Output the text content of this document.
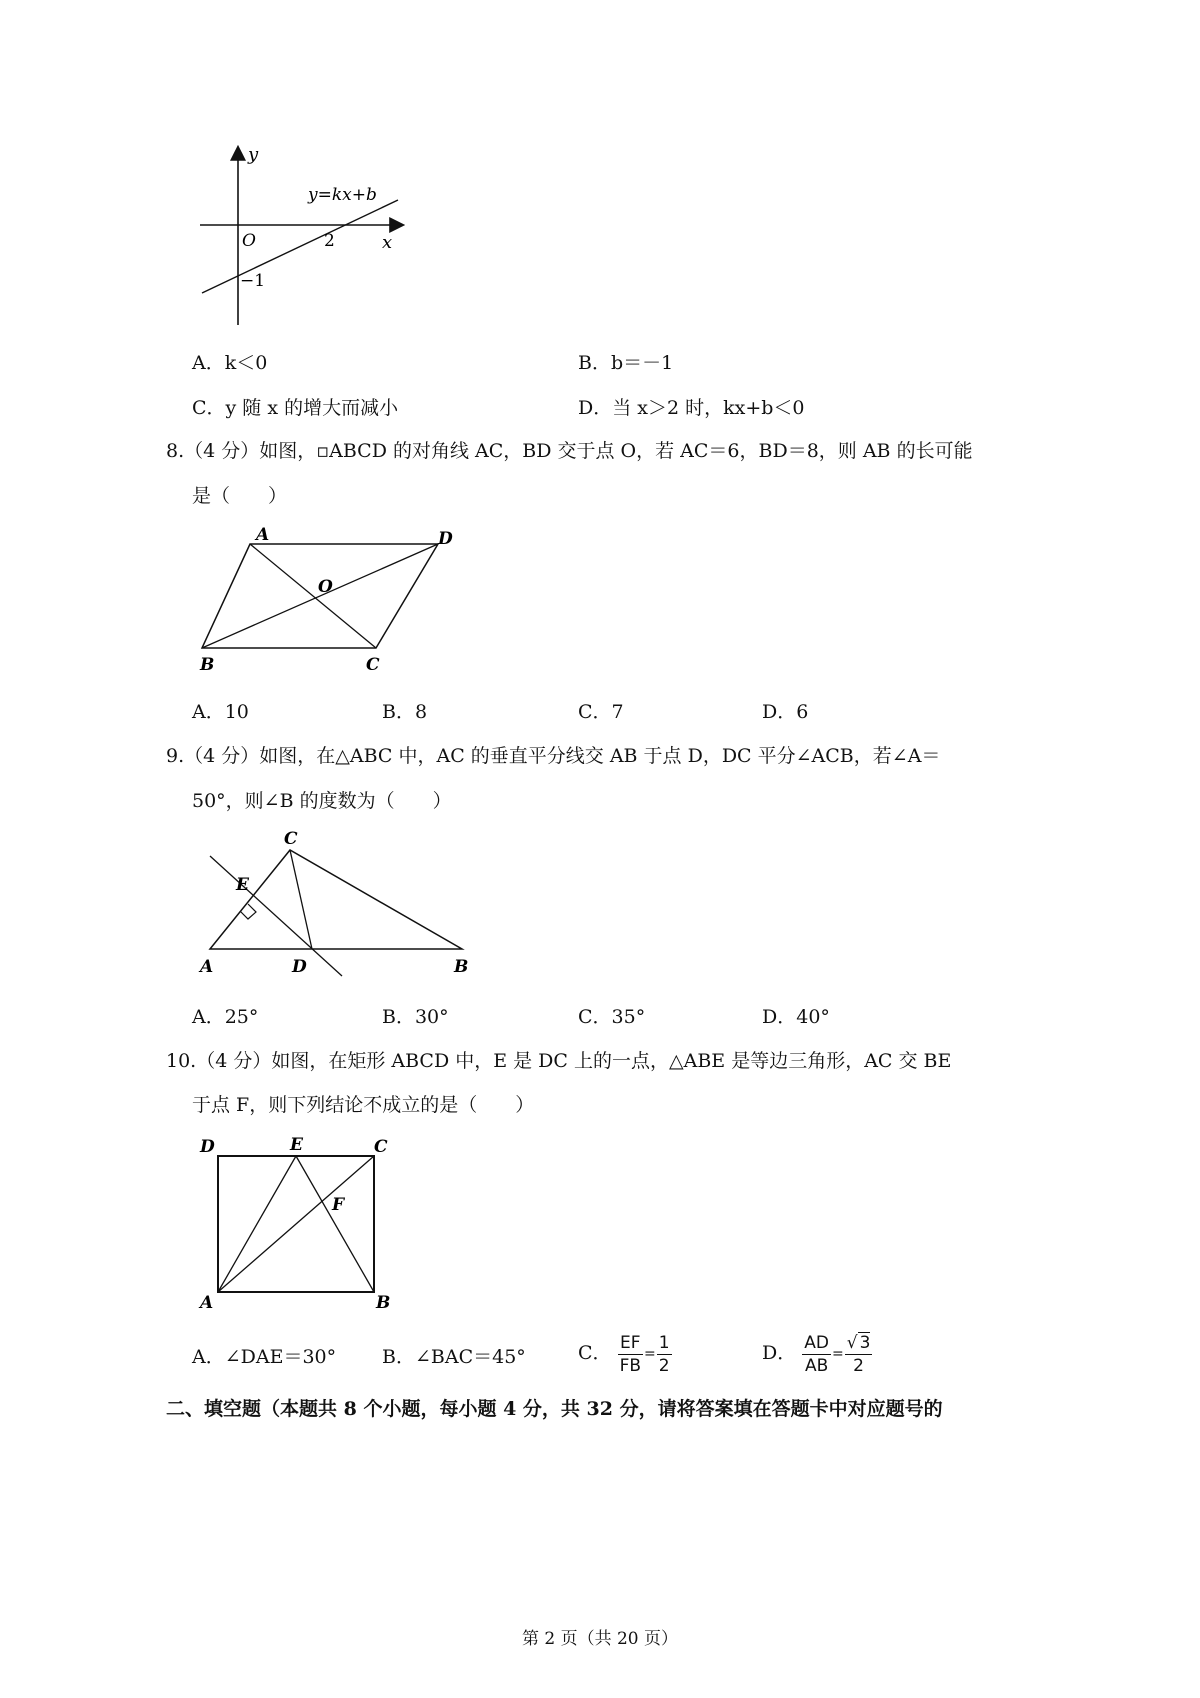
y
x
O	2
−1
y=kx+b
A．k＜0	B．b＝－1
C．y 随 x 的增大而减小	D．当 x＞2 时，kx+b＜0
8.（4 分）如图，▫ABCD 的对角线 AC，BD 交于点 O，若 AC＝6，BD＝8，则 AB 的长可能
是（　　）
A	D
O
B	C
A．10	B．8	C．7	D．6
9.（4 分）如图，在△ABC 中，AC 的垂直平分线交 AB 于点 D，DC 平分∠ACB，若∠A＝
50°，则∠B 的度数为（　　）
C
E
A	D	B
A．25°	B．30°	C．35°	D．40°
10.（4 分）如图，在矩形 ABCD 中，E 是 DC 上的一点，△ABE 是等边三角形，AC 交 BE
于点 F，则下列结论不成立的是（　　）
D	E	C
F
A	B
A．∠DAE＝30° B．∠BAC＝45°	C． $\frac{EF}{FB} = \frac{1}{2}$	D． $\frac{AD}{AB} = \frac{√ 3}{2}$
二、填空题（本题共 8 个小题，每小题 4 分，共 32 分，请将答案填在答题卡中对应题号的
第 2 页（共 20 页）
